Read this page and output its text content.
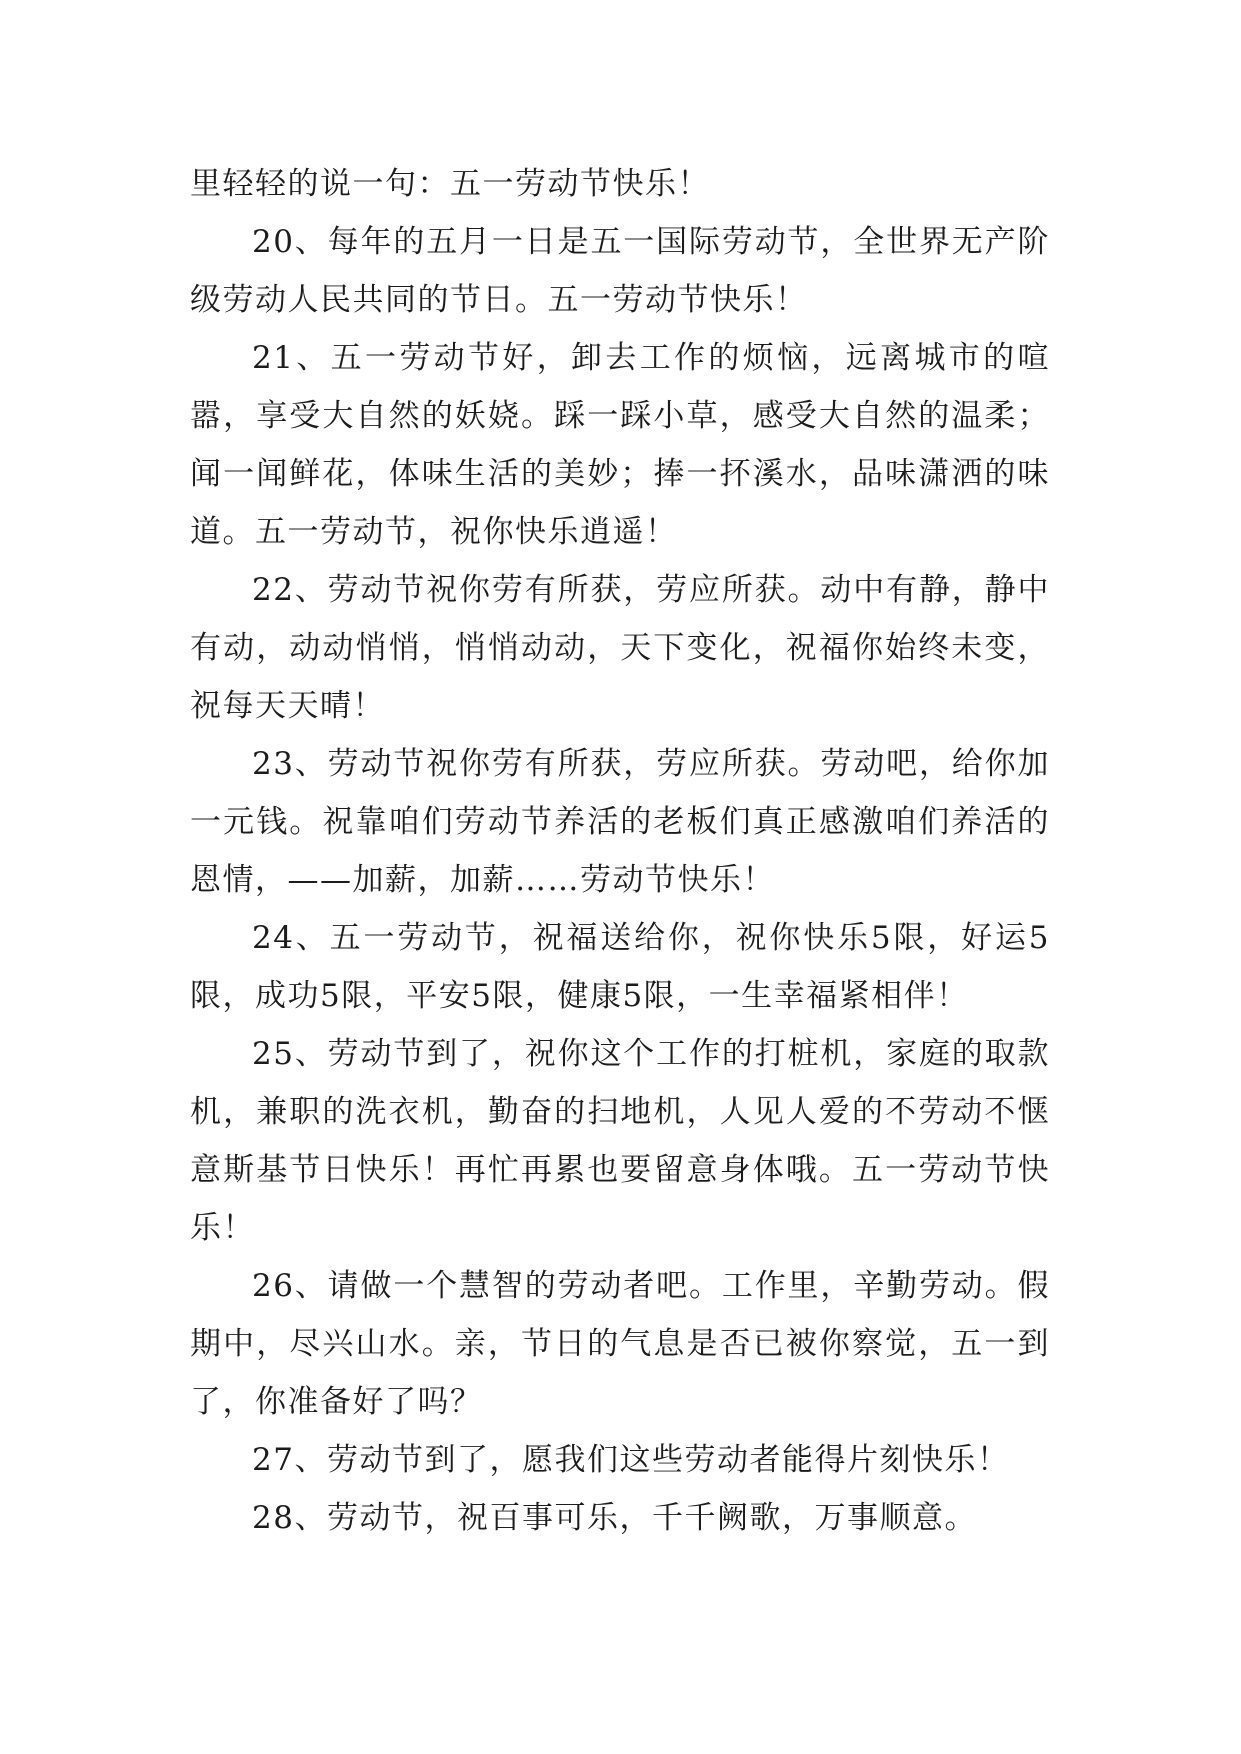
里轻轻的说一句：五一劳动节快乐！

20、每年的五月一日是五一国际劳动节，全世界无产阶级劳动人民共同的节日。五一劳动节快乐！

21、五一劳动节好，卸去工作的烦恼，远离城市的喧嚣，享受大自然的妖娆。踩一踩小草，感受大自然的温柔；闻一闻鲜花，体味生活的美妙；捧一抔溪水，品味潇洒的味道。五一劳动节，祝你快乐逍遥！

22、劳动节祝你劳有所获，劳应所获。动中有静，静中有动，动动悄悄，悄悄动动，天下变化，祝福你始终未变，祝每天天晴！

23、劳动节祝你劳有所获，劳应所获。劳动吧，给你加一元钱。祝靠咱们劳动节养活的老板们真正感激咱们养活的恩情，——加薪，加薪……劳动节快乐！

24、五一劳动节，祝福送给你，祝你快乐5限，好运5限，成功5限，平安5限，健康5限，一生幸福紧相伴！

25、劳动节到了，祝你这个工作的打桩机，家庭的取款机，兼职的洗衣机，勤奋的扫地机，人见人爱的不劳动不惬意斯基节日快乐！再忙再累也要留意身体哦。五一劳动节快乐！

26、请做一个慧智的劳动者吧。工作里，辛勤劳动。假期中，尽兴山水。亲，节日的气息是否已被你察觉，五一到了，你准备好了吗？

27、劳动节到了，愿我们这些劳动者能得片刻快乐！

28、劳动节，祝百事可乐，千千阙歌，万事顺意。
